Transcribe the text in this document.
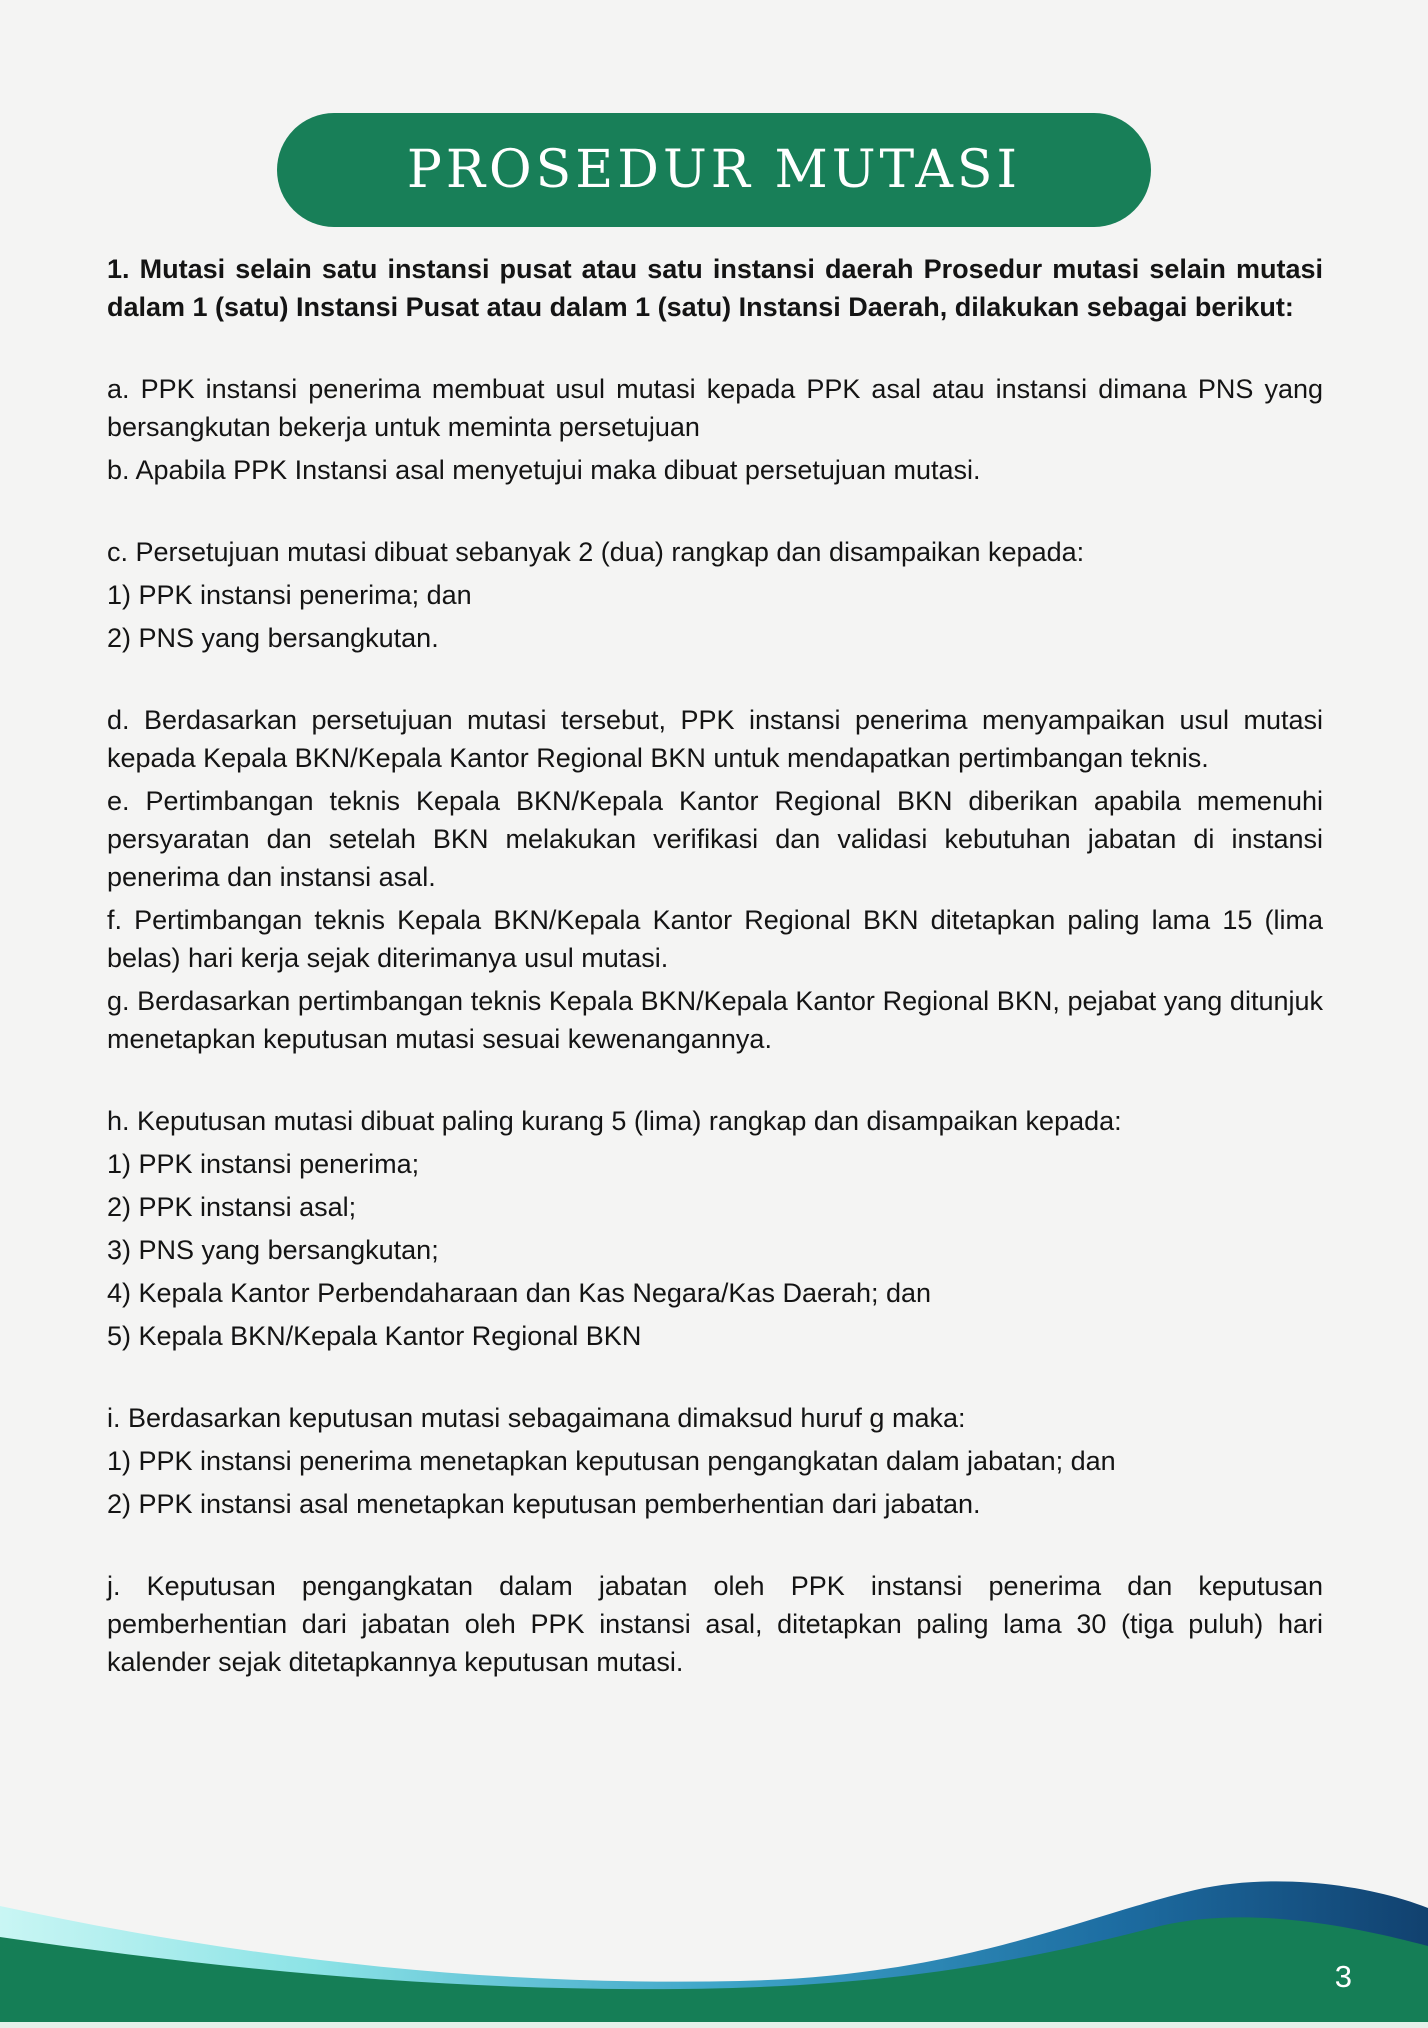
PROSEDUR MUTASI

1. Mutasi selain satu instansi pusat atau satu instansi daerah Prosedur mutasi selain mutasi dalam 1 (satu) Instansi Pusat atau dalam 1 (satu) Instansi Daerah, dilakukan sebagai berikut:

a. PPK instansi penerima membuat usul mutasi kepada PPK asal atau instansi dimana PNS yang bersangkutan bekerja untuk meminta persetujuan

b. Apabila PPK Instansi asal menyetujui maka dibuat persetujuan mutasi.

c. Persetujuan mutasi dibuat sebanyak 2 (dua) rangkap dan disampaikan kepada:

1) PPK instansi penerima; dan

2) PNS yang bersangkutan.

d. Berdasarkan persetujuan mutasi tersebut, PPK instansi penerima menyampaikan usul mutasi kepada Kepala BKN/Kepala Kantor Regional BKN untuk mendapatkan pertimbangan teknis.

e. Pertimbangan teknis Kepala BKN/Kepala Kantor Regional BKN diberikan apabila memenuhi persyaratan dan setelah BKN melakukan verifikasi dan validasi kebutuhan jabatan di instansi penerima dan instansi asal.

f. Pertimbangan teknis Kepala BKN/Kepala Kantor Regional BKN ditetapkan paling lama 15 (lima belas) hari kerja sejak diterimanya usul mutasi.

g. Berdasarkan pertimbangan teknis Kepala BKN/Kepala Kantor Regional BKN, pejabat yang ditunjuk menetapkan keputusan mutasi sesuai kewenangannya.

h. Keputusan mutasi dibuat paling kurang 5 (lima) rangkap dan disampaikan kepada:

1) PPK instansi penerima;

2) PPK instansi asal;

3) PNS yang bersangkutan;

4) Kepala Kantor Perbendaharaan dan Kas Negara/Kas Daerah; dan

5) Kepala BKN/Kepala Kantor Regional BKN

i. Berdasarkan keputusan mutasi sebagaimana dimaksud huruf g maka:

1) PPK instansi penerima menetapkan keputusan pengangkatan dalam jabatan; dan

2) PPK instansi asal menetapkan keputusan pemberhentian dari jabatan.

j. Keputusan pengangkatan dalam jabatan oleh PPK instansi penerima dan keputusan pemberhentian dari jabatan oleh PPK instansi asal, ditetapkan paling lama 30 (tiga puluh) hari kalender sejak ditetapkannya keputusan mutasi.

3
